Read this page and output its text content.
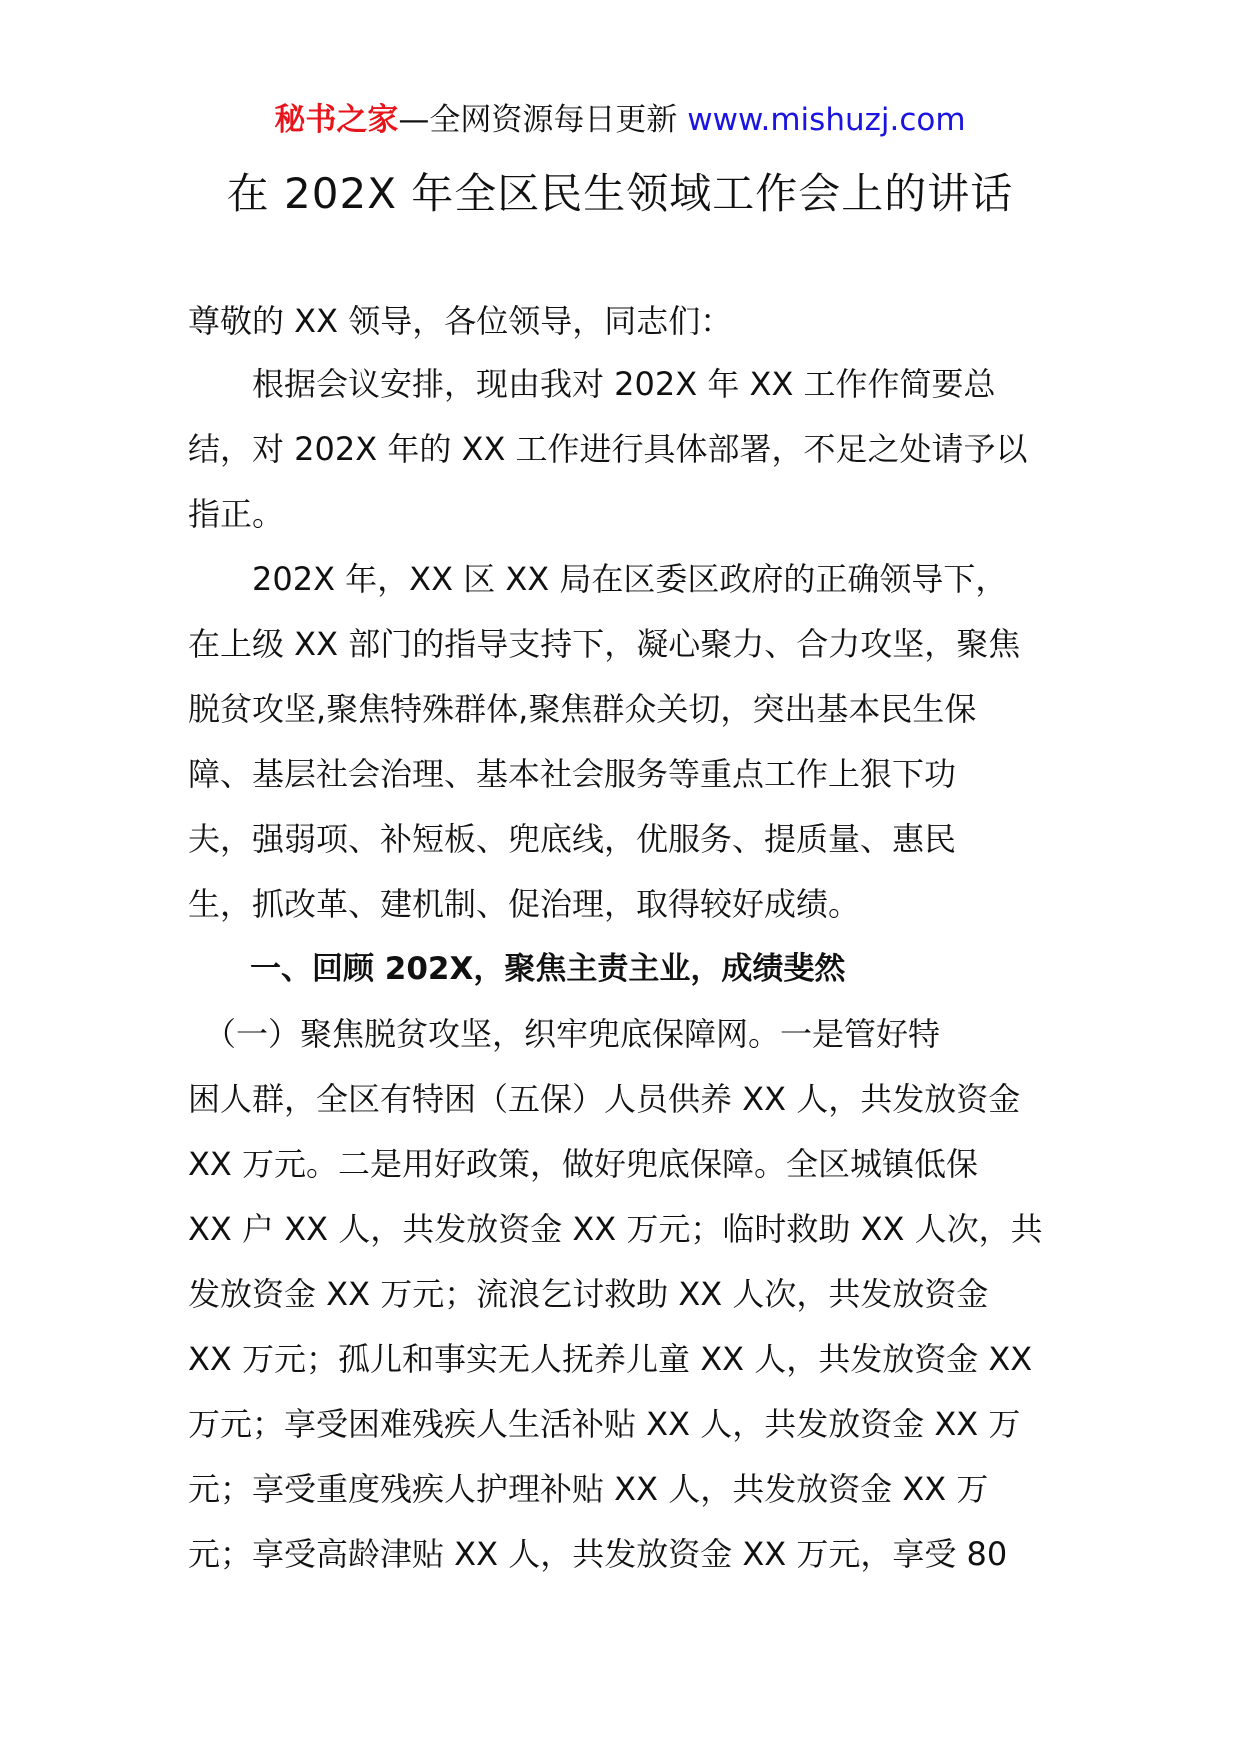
秘书之家—全网资源每日更新 www.mishuzj.com
在 202X 年全区民生领域工作会上的讲话

尊敬的 XX 领导，各位领导，同志们：

　　根据会议安排，现由我对 202X 年 XX 工作作简要总

结，对 202X 年的 XX 工作进行具体部署，不足之处请予以

指正。

　　202X 年，XX 区 XX 局在区委区政府的正确领导下，

在上级 XX 部门的指导支持下，凝心聚力、合力攻坚，聚焦

脱贫攻坚,聚焦特殊群体,聚焦群众关切，突出基本民生保

障、基层社会治理、基本社会服务等重点工作上狠下功

夫，强弱项、补短板、兜底线，优服务、提质量、惠民

生，抓改革、建机制、促治理，取得较好成绩。

　　一、回顾 202X，聚焦主责主业，成绩斐然

　（一）聚焦脱贫攻坚，织牢兜底保障网。一是管好特

困人群，全区有特困（五保）人员供养 XX 人，共发放资金

XX 万元。二是用好政策，做好兜底保障。全区城镇低保

XX 户 XX 人，共发放资金 XX 万元；临时救助 XX 人次，共

发放资金 XX 万元；流浪乞讨救助 XX 人次，共发放资金

XX 万元；孤儿和事实无人抚养儿童 XX 人，共发放资金 XX

万元；享受困难残疾人生活补贴 XX 人，共发放资金 XX 万

元；享受重度残疾人护理补贴 XX 人，共发放资金 XX 万

元；享受高龄津贴 XX 人，共发放资金 XX 万元，享受 80
